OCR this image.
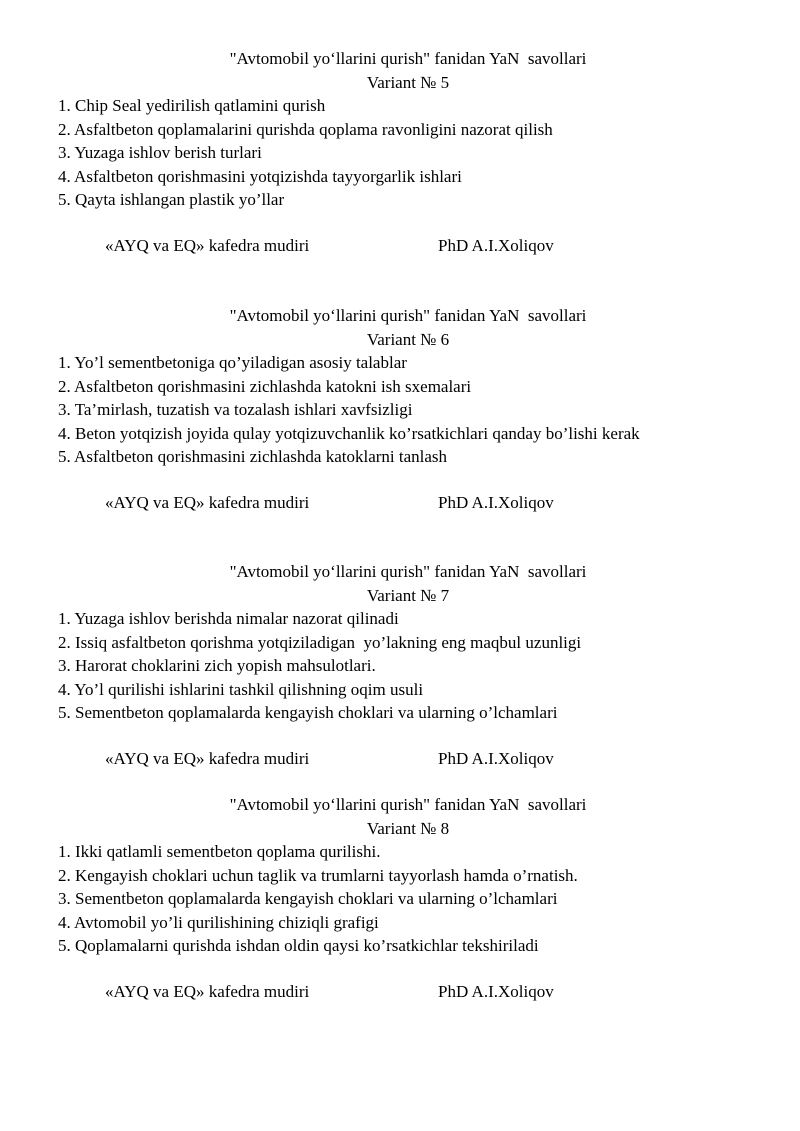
"Avtomobil yo‘llarini qurish" fanidan YaN  savollari
Variant № 5
1. Chip Seal yedirilish qatlamini qurish
2. Asfaltbeton qoplamalarini qurishda qoplama ravonligini nazorat qilish
3. Yuzaga ishlov berish turlari
4. Asfaltbeton qorishmasini yotqizishda tayyorgarlik ishlari
5. Qayta ishlangan plastik yo’llar
«AYQ va EQ» kafedra mudiri	PhD A.I.Xoliqov
"Avtomobil yo‘llarini qurish" fanidan YaN  savollari
Variant № 6
1. Yo’l sementbetoniga qo’yiladigan asosiy talablar
2. Asfaltbeton qorishmasini zichlashda katokni ish sxemalari
3. Ta’mirlash, tuzatish va tozalash ishlari xavfsizligi
4. Beton yotqizish joyida qulay yotqizuvchanlik ko’rsatkichlari qanday bo’lishi kerak
5. Asfaltbeton qorishmasini zichlashda katoklarni tanlash
«AYQ va EQ» kafedra mudiri	PhD A.I.Xoliqov
"Avtomobil yo‘llarini qurish" fanidan YaN  savollari
Variant № 7
1. Yuzaga ishlov berishda nimalar nazorat qilinadi
2. Issiq asfaltbeton qorishma yotqiziladigan  yo’lakning eng maqbul uzunligi
3. Harorat choklarini zich yopish mahsulotlari.
4. Yo’l qurilishi ishlarini tashkil qilishning oqim usuli
5. Sementbeton qoplamalarda kengayish choklari va ularning o’lchamlari
«AYQ va EQ» kafedra mudiri	PhD A.I.Xoliqov
"Avtomobil yo‘llarini qurish" fanidan YaN  savollari
Variant № 8
1. Ikki qatlamli sementbeton qoplama qurilishi.
2. Kengayish choklari uchun taglik va trumlarni tayyorlash hamda o’rnatish.
3. Sementbeton qoplamalarda kengayish choklari va ularning o’lchamlari
4. Avtomobil yo’li qurilishining chiziqli grafigi
5. Qoplamalarni qurishda ishdan oldin qaysi ko’rsatkichlar tekshiriladi
«AYQ va EQ» kafedra mudiri	PhD A.I.Xoliqov
